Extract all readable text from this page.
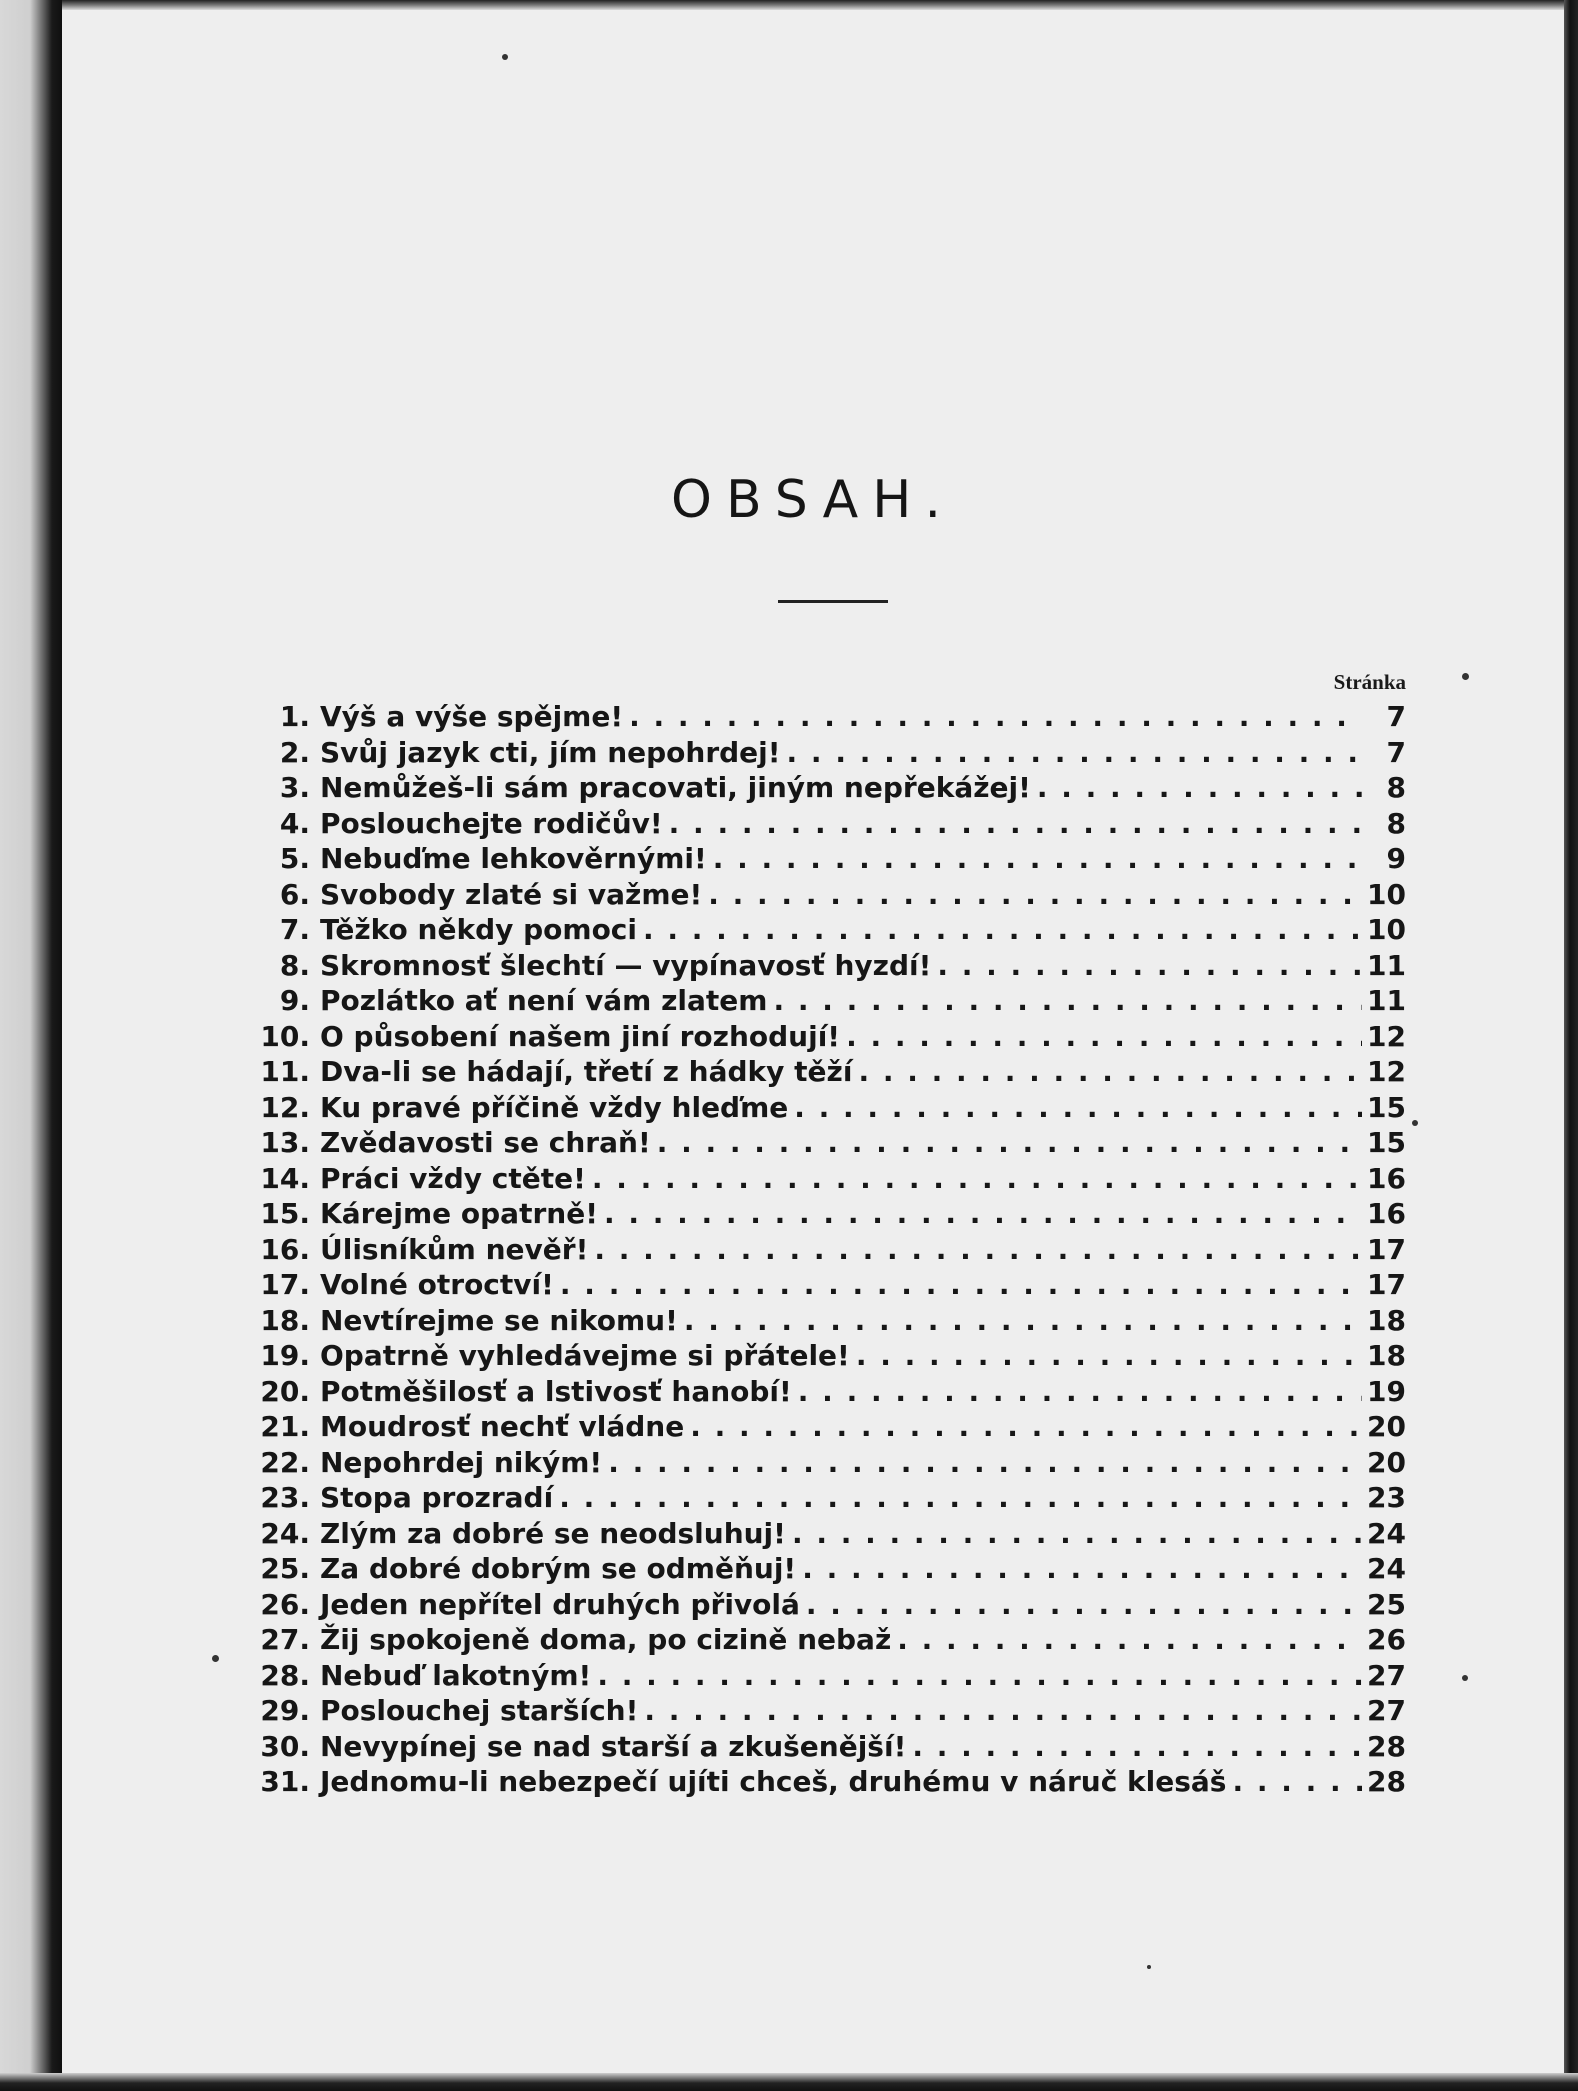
OBSAH.
Stránka
1. Výš a výše spějme! . . .	7
2. Svůj jazyk cti, jím nepohrdej! . . .	7
3. Nemůžeš-li sám pracovati, jiným nepřekážej! . . .	8
4. Poslouchejte rodičův! . . .	8
5. Nebuďme lehkověrnými! . . .	9
6. Svobody zlaté si važme! . . .	10
7. Těžko někdy pomoci . . .	10
8. Skromnosť šlechtí — vypínavosť hyzdí! . . .	11
9. Pozlátko ať není vám zlatem . . .	11
10. O působení našem jiní rozhodují! . . .	12
11. Dva-li se hádají, třetí z hádky těží . . .	12
12. Ku pravé příčině vždy hleďme . . .	15
13. Zvědavosti se chraň! . . .	15
14. Práci vždy ctěte! . . .	16
15. Kárejme opatrně! . . .	16
16. Úlisníkům nevěř! . . .	17
17. Volné otroctví! . . .	17
18. Nevtírejme se nikomu! . . .	18
19. Opatrně vyhledávejme si přátele! . . .	18
20. Potměšilosť a lstivosť hanobí! . . .	19
21. Moudrosť nechť vládne . . .	20
22. Nepohrdej nikým! . . .	20
23. Stopa prozradí . . .	23
24. Zlým za dobré se neodsluhuj! . . .	24
25. Za dobré dobrým se odměňuj! . . .	24
26. Jeden nepřítel druhých přivolá . . .	25
27. Žij spokojeně doma, po cizině nebaž . . .	26
28. Nebuď lakotným! . . .	27
29. Poslouchej starších! . . .	27
30. Nevypínej se nad starší a zkušenější! . . .	28
31. Jednomu-li nebezpečí ujíti chceš, druhému v náruč klesáš . . .	28
